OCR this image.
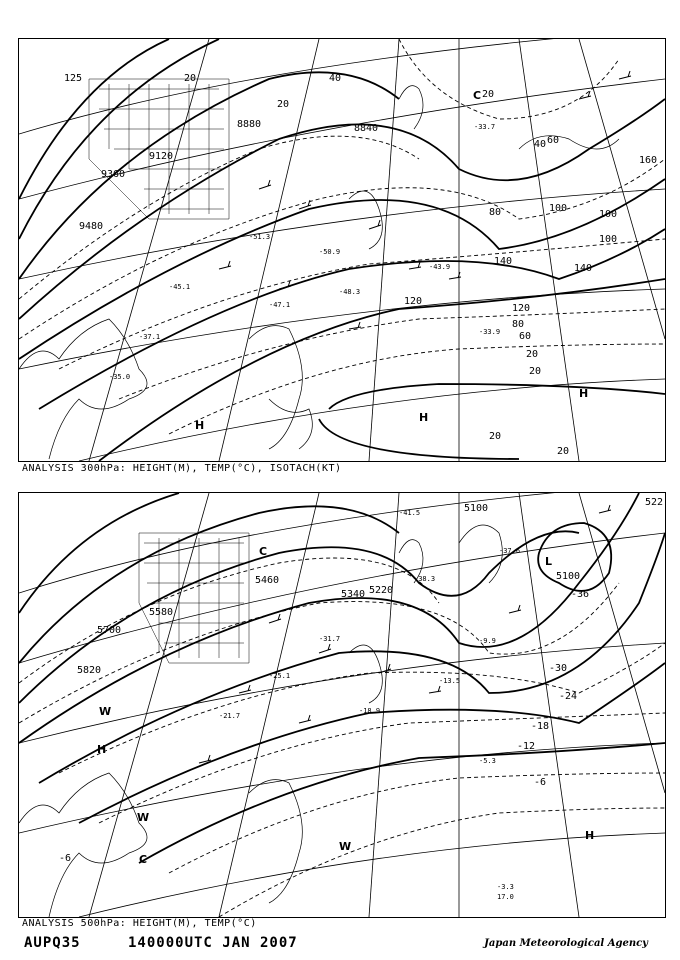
8880	8840
9120
9360
9480
125	20	40
60
80	100
120
140
160
20
20
40
60
80
100
120
20
20
140
100
20
20
C
H
H
H
-33.7
-51.3
-50.9
-45.1
-47.1
-48.3
-43.9
-37.1
-35.0
-33.9
ANALYSIS 300hPa: HEIGHT(M), TEMP(°C), ISOTACH(KT)
5100
5220
5340
5460
5580
5700
5820
5100
522
-36
-30
-24
-18
-12
-6
-6
L
C
H
W
C
W
H
W
-41.5
-38.3
-37.6
-31.7
-25.1
-21.7
-18.9
-13.5
-9.9
-5.3
-3.3
17.0
ANALYSIS 500hPa: HEIGHT(M), TEMP(°C)
AUPQ35	140000UTC JAN 2007	Japan Meteorological Agency
